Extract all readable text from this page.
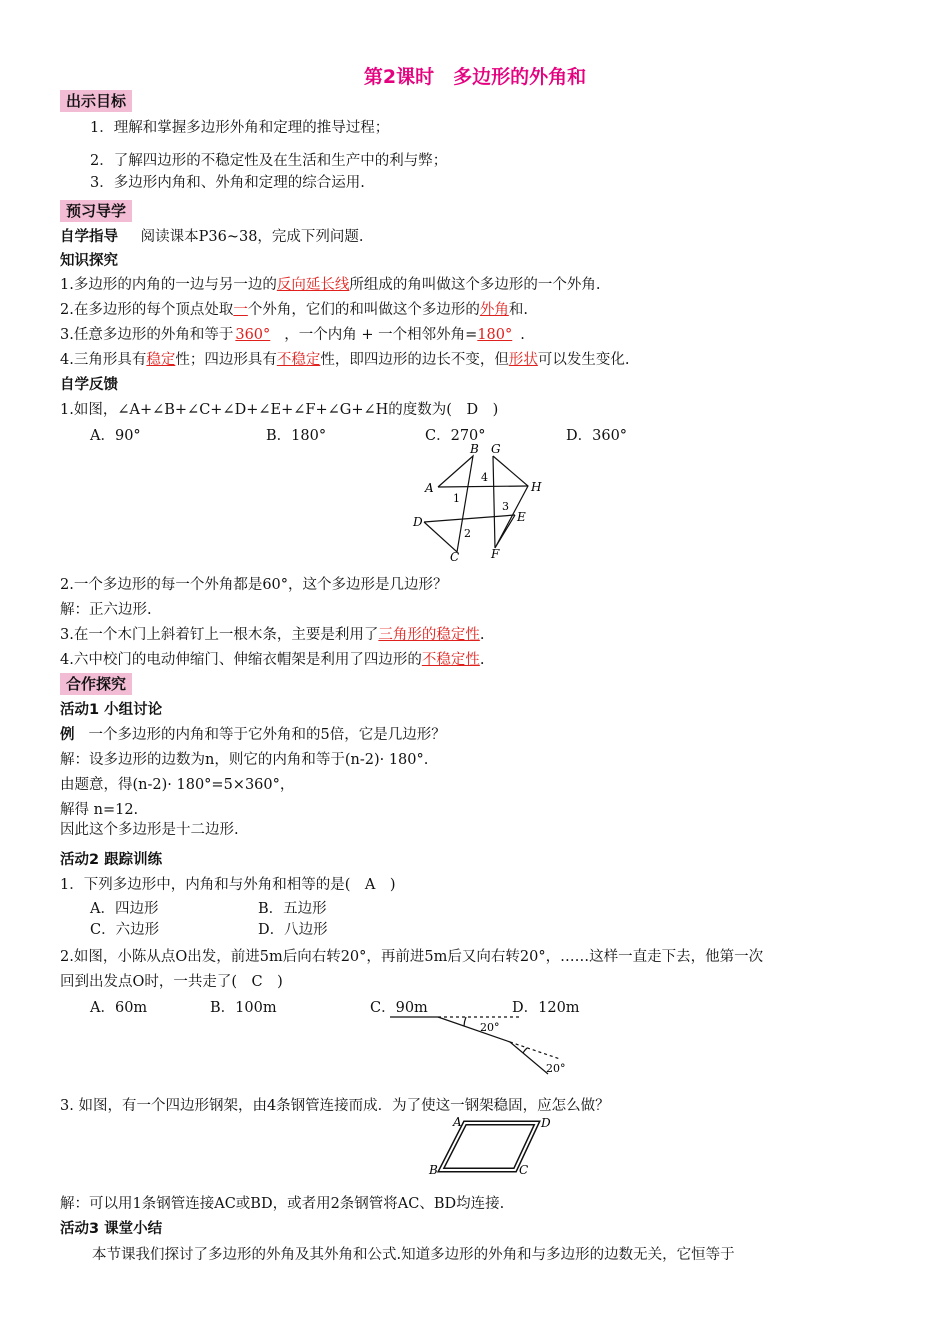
第2课时　多边形的外角和
出示目标
1．理解和掌握多边形外角和定理的推导过程；
2．了解四边形的不稳定性及在生活和生产中的利与弊；
3．多边形内角和、外角和定理的综合运用.
预习导学
自学指导 阅读课本P36~38，完成下列问题.
知识探究
1.多边形的内角的一边与另一边的反向延长线所组成的角叫做这个多边形的一个外角.
2.在多边形的每个顶点处取一个外角，它们的和叫做这个多边形的外角和.
3.任意多边形的外角和等于 360° ，一个内角 + 一个相邻外角=180° .
4.三角形具有稳定性；四边形具有不稳定性，即四边形的边长不变，但形状可以发生变化.
自学反馈
1.如图，∠A+∠B+∠C+∠D+∠E+∠F+∠G+∠H的度数为(　D　)
A．90°	B．180°	C．270°	D．360°
A
B
C
D	E
F
G
H
1
2
3
4
2.一个多边形的每一个外角都是60°，这个多边形是几边形？
解：正六边形.
3.在一个木门上斜着钉上一根木条，主要是利用了三角形的稳定性.
4.六中校门的电动伸缩门、伸缩衣帽架是利用了四边形的不稳定性.
合作探究
活动1 小组讨论
例 一个多边形的内角和等于它外角和的5倍，它是几边形？
解：设多边形的边数为n，则它的内角和等于(n-2)· 180°.
由题意，得(n-2)· 180°=5×360°，
解得 n=12.
因此这个多边形是十二边形.
活动2 跟踪训练
1．下列多边形中，内角和与外角和相等的是(　A　)
A．四边形	B．五边形
C．六边形	D．八边形
2.如图，小陈从点O出发，前进5m后向右转20°，再前进5m后又向右转20°，……这样一直走下去，他第一次
回到出发点O时，一共走了(　C　)
A．60m	B．100m	C．90m	D．120m
20°
20°
3. 如图，有一个四边形钢架，由4条钢管连接而成．为了使这一钢架稳固，应怎么做？
A
B	C
D
解：可以用1条钢管连接AC或BD，或者用2条钢管将AC、BD均连接.
活动3 课堂小结
本节课我们探讨了多边形的外角及其外角和公式.知道多边形的外角和与多边形的边数无关，它恒等于
